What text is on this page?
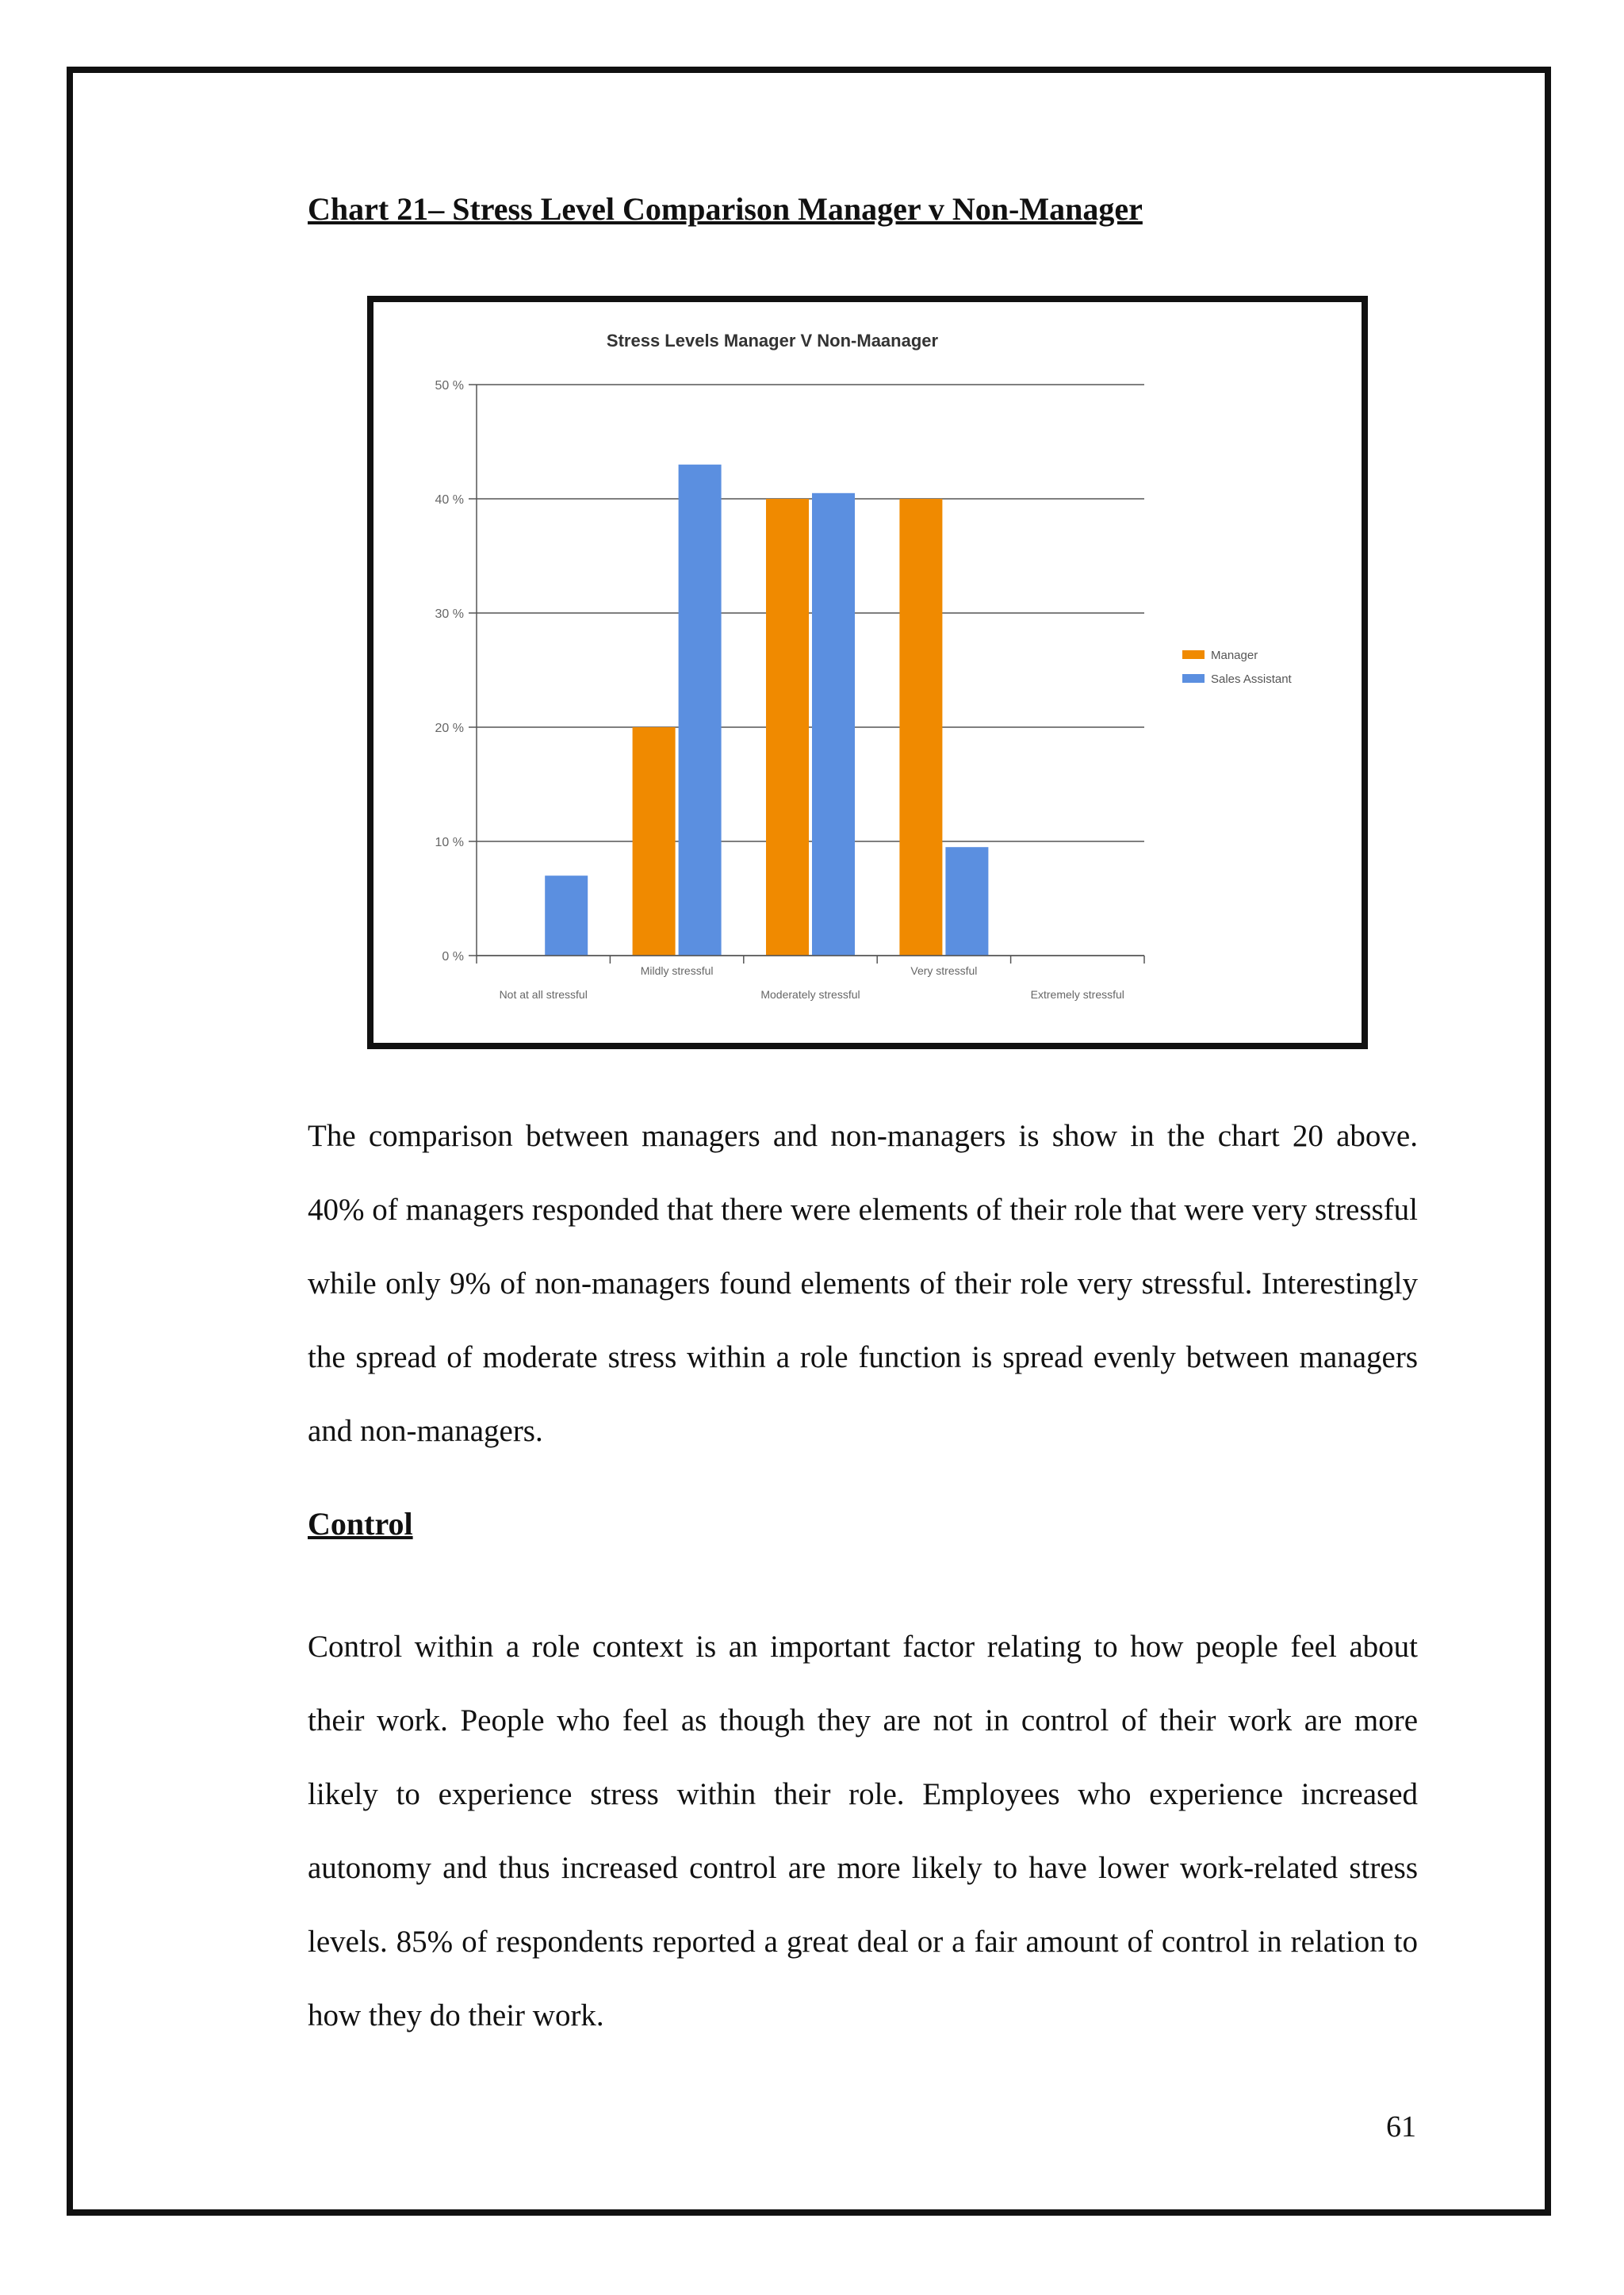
Chart 21– Stress Level Comparison Manager v Non-Manager
Stress Levels Manager V Non-Maanager
0 %
10 %
20 %
30 %
40 %
50 %
Not at all stressful
Mildly stressful
Moderately stressful
Very stressful
Extremely stressful
Manager
Sales Assistant

The comparison between managers and non-managers is show in the chart 20 above. 40% of managers responded that there were elements of their role that were very stressful while only 9% of non-managers found elements of their role very stressful. Interestingly the spread of moderate stress within a role function is spread evenly between managers and non-managers.

Control

Control within a role context is an important factor relating to how people feel about their work. People who feel as though they are not in control of their work are more likely to experience stress within their role. Employees who experience increased autonomy and thus increased control are more likely to have lower work-related stress levels. 85% of respondents reported a great deal or a fair amount of control in relation to how they do their work.

61
